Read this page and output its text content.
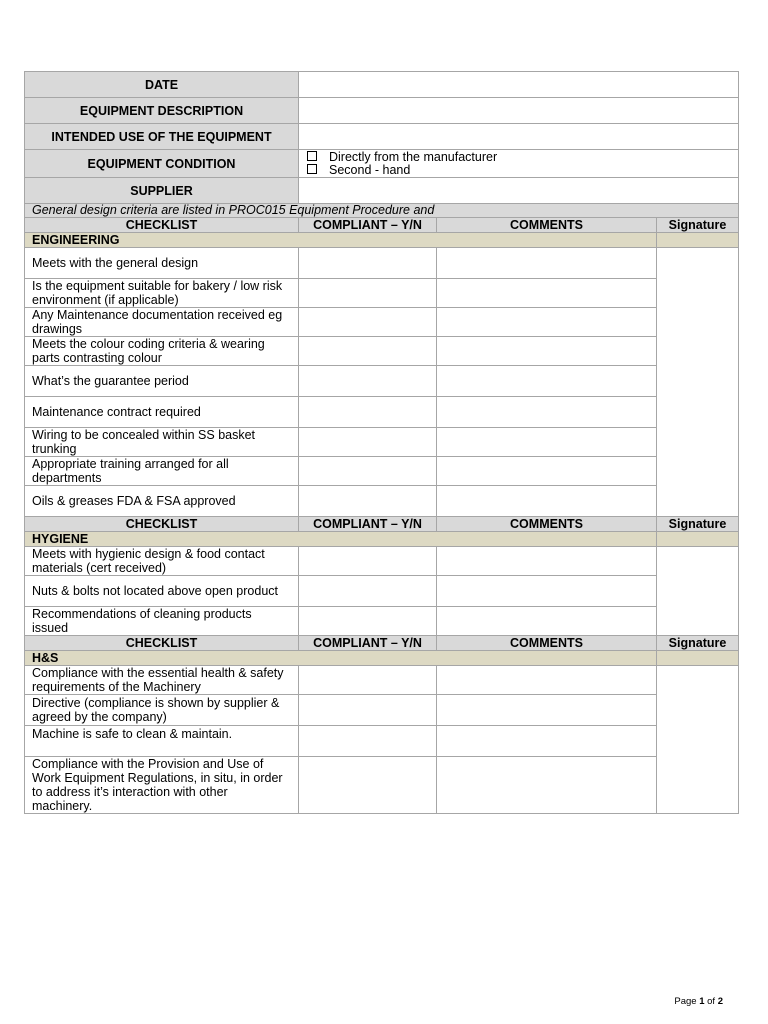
DATE			
EQUIPMENT DESCRIPTION			
INTENDED USE OF THE EQUIPMENT			
EQUIPMENT CONDITION	Directly from the manufacturer
Second - hand		

SUPPLIER			
General design criteria are listed in PROC015 Equipment Procedure and			
CHECKLIST	COMPLIANT – Y/N	COMMENTS	Signature
ENGINEERING			
Meets with the general design			
Is the equipment suitable for bakery / low risk environment (if applicable)			
Any Maintenance documentation received eg drawings			
Meets the colour coding criteria & wearing parts contrasting colour			
What’s the guarantee period			
Maintenance contract required			
Wiring to be concealed within SS basket trunking			
Appropriate training arranged for all departments			
Oils & greases FDA & FSA approved			
CHECKLIST	COMPLIANT – Y/N	COMMENTS	Signature
HYGIENE			
Meets with hygienic design & food contact materials (cert received)			
Nuts & bolts not located above open product			
Recommendations of cleaning products issued			
CHECKLIST	COMPLIANT – Y/N	COMMENTS	Signature
H&S			
Compliance with the essential health & safety requirements of the Machinery			
Directive (compliance is shown by supplier & agreed by the company)			
Machine is safe to clean & maintain.			
Compliance with the Provision and Use of Work Equipment Regulations, in situ, in order to address it’s interaction with other machinery.			
Page 1 of 2
